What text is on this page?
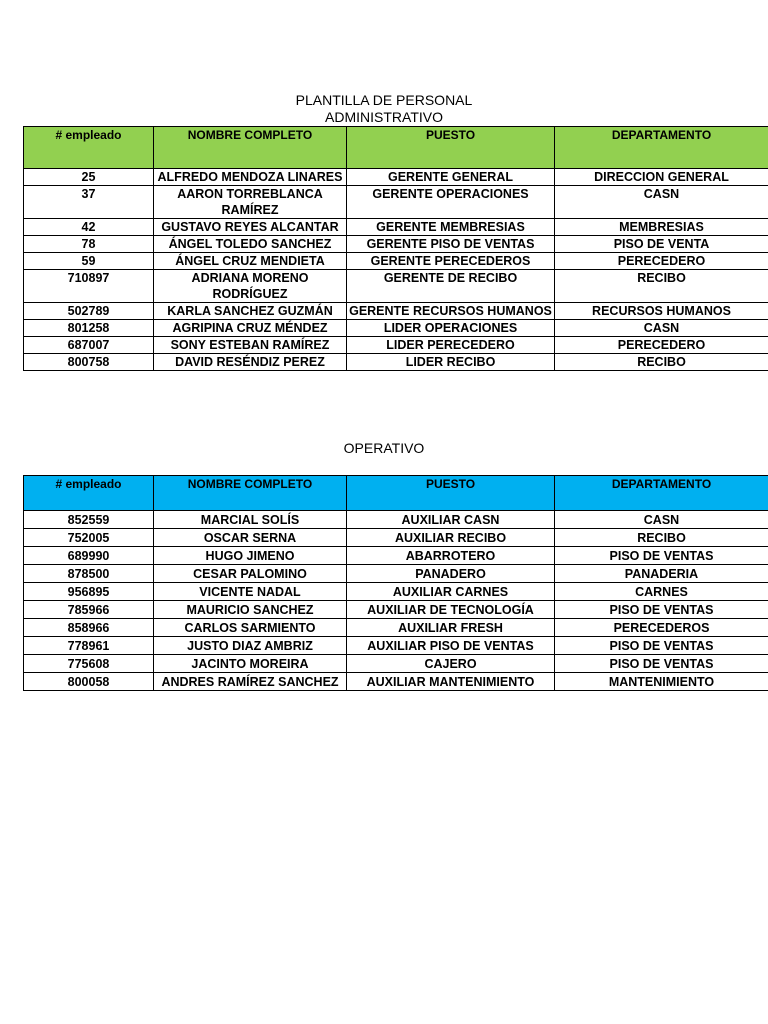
PLANTILLA DE PERSONAL
ADMINISTRATIVO
# empleado	NOMBRE COMPLETO	PUESTO	DEPARTAMENTO
25	ALFREDO MENDOZA LINARES	GERENTE GENERAL	DIRECCION GENERAL
37	AARON TORREBLANCA RAMÍREZ	GERENTE OPERACIONES	CASN
42	GUSTAVO REYES ALCANTAR	GERENTE MEMBRESIAS	MEMBRESIAS
78	ÁNGEL TOLEDO SANCHEZ	GERENTE PISO DE VENTAS	PISO DE VENTA
59	ÁNGEL CRUZ MENDIETA	GERENTE PERECEDEROS	PERECEDERO
710897	ADRIANA MORENO RODRÍGUEZ	GERENTE DE RECIBO	RECIBO
502789	KARLA SANCHEZ GUZMÁN	GERENTE RECURSOS HUMANOS	RECURSOS HUMANOS
801258	AGRIPINA CRUZ MÉNDEZ	LIDER OPERACIONES	CASN
687007	SONY ESTEBAN RAMÍREZ	LIDER PERECEDERO	PERECEDERO
800758	DAVID RESÉNDIZ PEREZ	LIDER RECIBO	RECIBO
OPERATIVO
# empleado	NOMBRE COMPLETO	PUESTO	DEPARTAMENTO
852559	MARCIAL SOLÍS	AUXILIAR CASN	CASN
752005	OSCAR SERNA	AUXILIAR RECIBO	RECIBO
689990	HUGO JIMENO	ABARROTERO	PISO DE VENTAS
878500	CESAR PALOMINO	PANADERO	PANADERIA
956895	VICENTE NADAL	AUXILIAR CARNES	CARNES
785966	MAURICIO SANCHEZ	AUXILIAR DE TECNOLOGÍA	PISO DE VENTAS
858966	CARLOS SARMIENTO	AUXILIAR FRESH	PERECEDEROS
778961	JUSTO DIAZ AMBRIZ	AUXILIAR PISO DE VENTAS	PISO DE VENTAS
775608	JACINTO MOREIRA	CAJERO	PISO DE VENTAS
800058	ANDRES RAMÍREZ SANCHEZ	AUXILIAR MANTENIMIENTO	MANTENIMIENTO
